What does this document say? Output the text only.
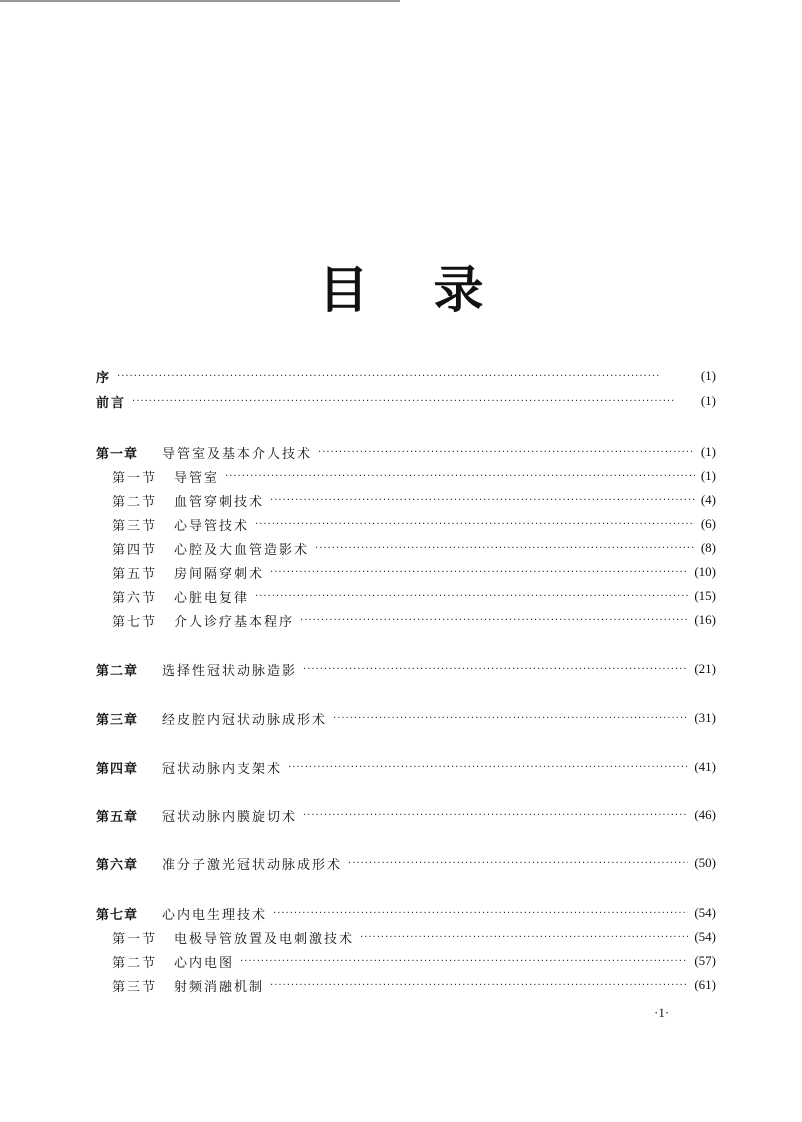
目 录
序 ·····	(1)
前言 ·····	(1)
第一章	导管室及基本介人技术 ·····	(1)
第一节	导管室 ·····	(1)
第二节	血管穿刺技术 ·····	(4)
第三节	心导管技术 ·····	(6)
第四节	心腔及大血管造影术 ·····	(8)
第五节	房间隔穿刺术 ·····	(10)
第六节	心脏电复律 ·····	(15)
第七节	介人诊疗基本程序 ·····	(16)
第二章	选择性冠状动脉造影 ·····	(21)
第三章	经皮腔内冠状动脉成形术 ·····	(31)
第四章	冠状动脉内支架术 ·····	(41)
第五章	冠状动脉内膜旋切术 ·····	(46)
第六章	准分子激光冠状动脉成形术 ·····	(50)
第七章	心内电生理技术 ·····	(54)
第一节	电极导管放置及电刺激技术 ·····	(54)
第二节	心内电图 ·····	(57)
第三节	射频消融机制 ·····	(61)
·1·
